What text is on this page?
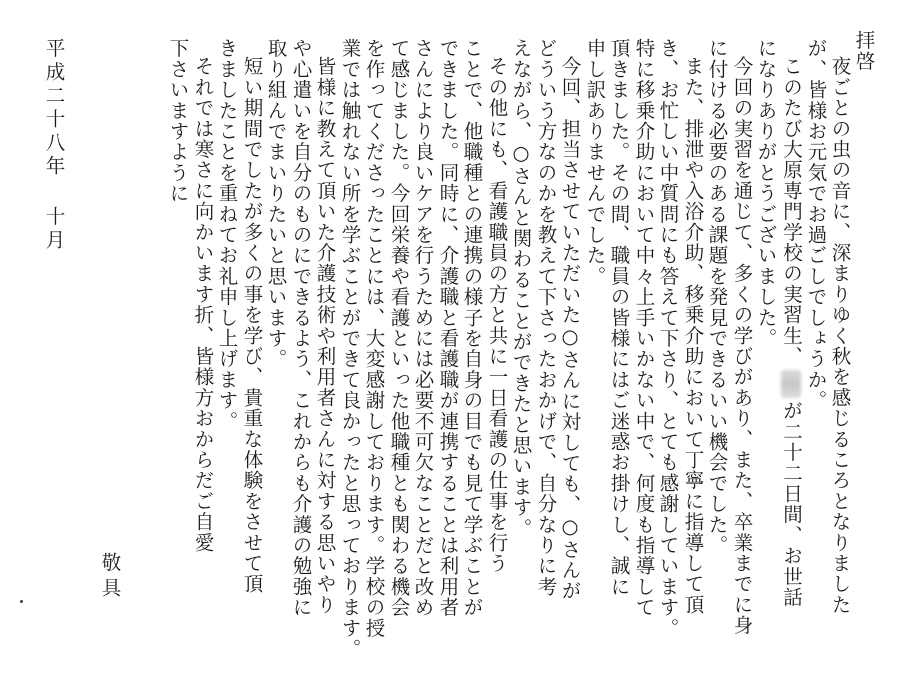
拝啓
夜ごとの虫の音に、深まりゆく秋を感じるころとなりました
が、皆様お元気でお過ごしでしょうか。
このたび大原専門学校の実習生、が二十二日間、お世話
になりありがとうございました。
今回の実習を通じて、多くの学びがあり、また、卒業までに身
に付ける必要のある課題を発見できるいい機会でした。
また、排泄や入浴介助、移乗介助において丁寧に指導して頂
き、お忙しい中質問にも答えて下さり、とても感謝しています。
特に移乗介助において中々上手いかない中で、何度も指導して
頂きました。その間、職員の皆様にはご迷惑お掛けし、誠に
申し訳ありませんでした。
今回、担当させていただいた○さんに対しても、○さんが
どういう方なのかを教えて下さったおかげで、自分なりに考
えながら、○さんと関わることができたと思います。
その他にも、看護職員の方と共に一日看護の仕事を行う
ことで、他職種との連携の様子を自身の目でも見て学ぶことが
できました。同時に、介護職と看護職が連携することは利用者
さんにより良いケアを行うためには必要不可欠なことだと改め
て感じました。今回栄養や看護といった他職種とも関わる機会
を作ってくださったことには、大変感謝しております。学校の授
業では触れない所を学ぶことができて良かったと思っております。
皆様に教えて頂いた介護技術や利用者さんに対する思いやり
や心遣いを自分のものにできるよう、これからも介護の勉強に
取り組んでまいりたいと思います。
短い期間でしたが多くの事を学び、貴重な体験をさせて頂
きましたことを重ねてお礼申し上げます。
それでは寒さに向かいます折、皆様方おからだご自愛
下さいますように
敬具
平成二十八年 十月
